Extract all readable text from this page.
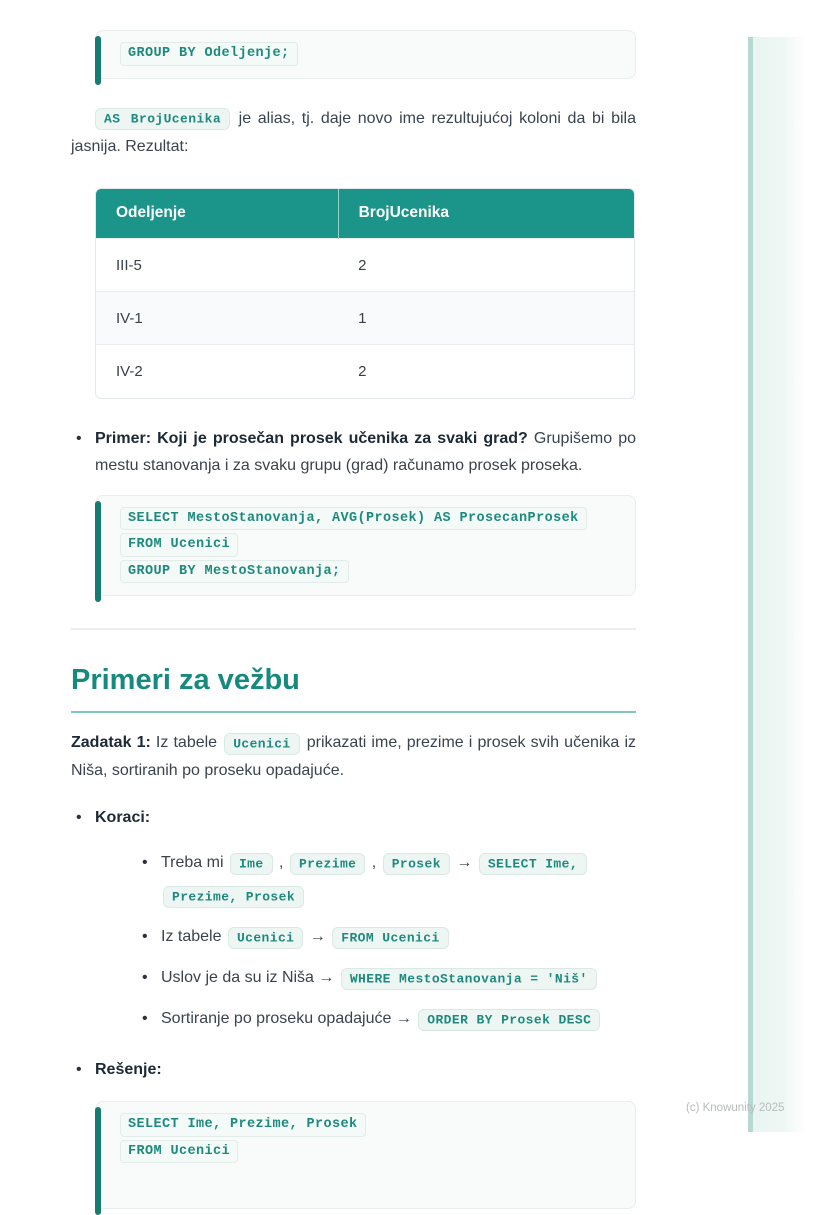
GROUP BY Odeljenje;

AS BrojUcenika je alias, tj. daje novo ime rezultujućoj koloni da bi bila jasnija. Rezultat:

Odeljenje	BrojUcenika
III-5	2
IV-1	1
IV-2	2
• Primer: Koji je prosečan prosek učenika za svaki grad? Grupišemo po mestu stanovanja i za svaku grupu (grad) računamo prosek proseka.
SELECT MestoStanovanja, AVG(Prosek) AS ProsecanProsek
FROM Ucenici
GROUP BY MestoStanovanja;
Primeri za vežbu

Zadatak 1: Iz tabele Ucenici prikazati ime, prezime i prosek svih učenika iz Niša, sortiranih po proseku opadajuće.

• Koraci:
• Treba mi Ime , Prezime , Prosek → SELECT Ime, Prezime, Prosek
• Iz tabele Ucenici → FROM Ucenici
• Uslov je da su iz Niša → WHERE MestoStanovanja = 'Niš'
• Sortiranje po proseku opadajuće → ORDER BY Prosek DESC
• Rešenje:
SELECT Ime, Prezime, Prosek
FROM Ucenici
(c) Knowunity 2025
